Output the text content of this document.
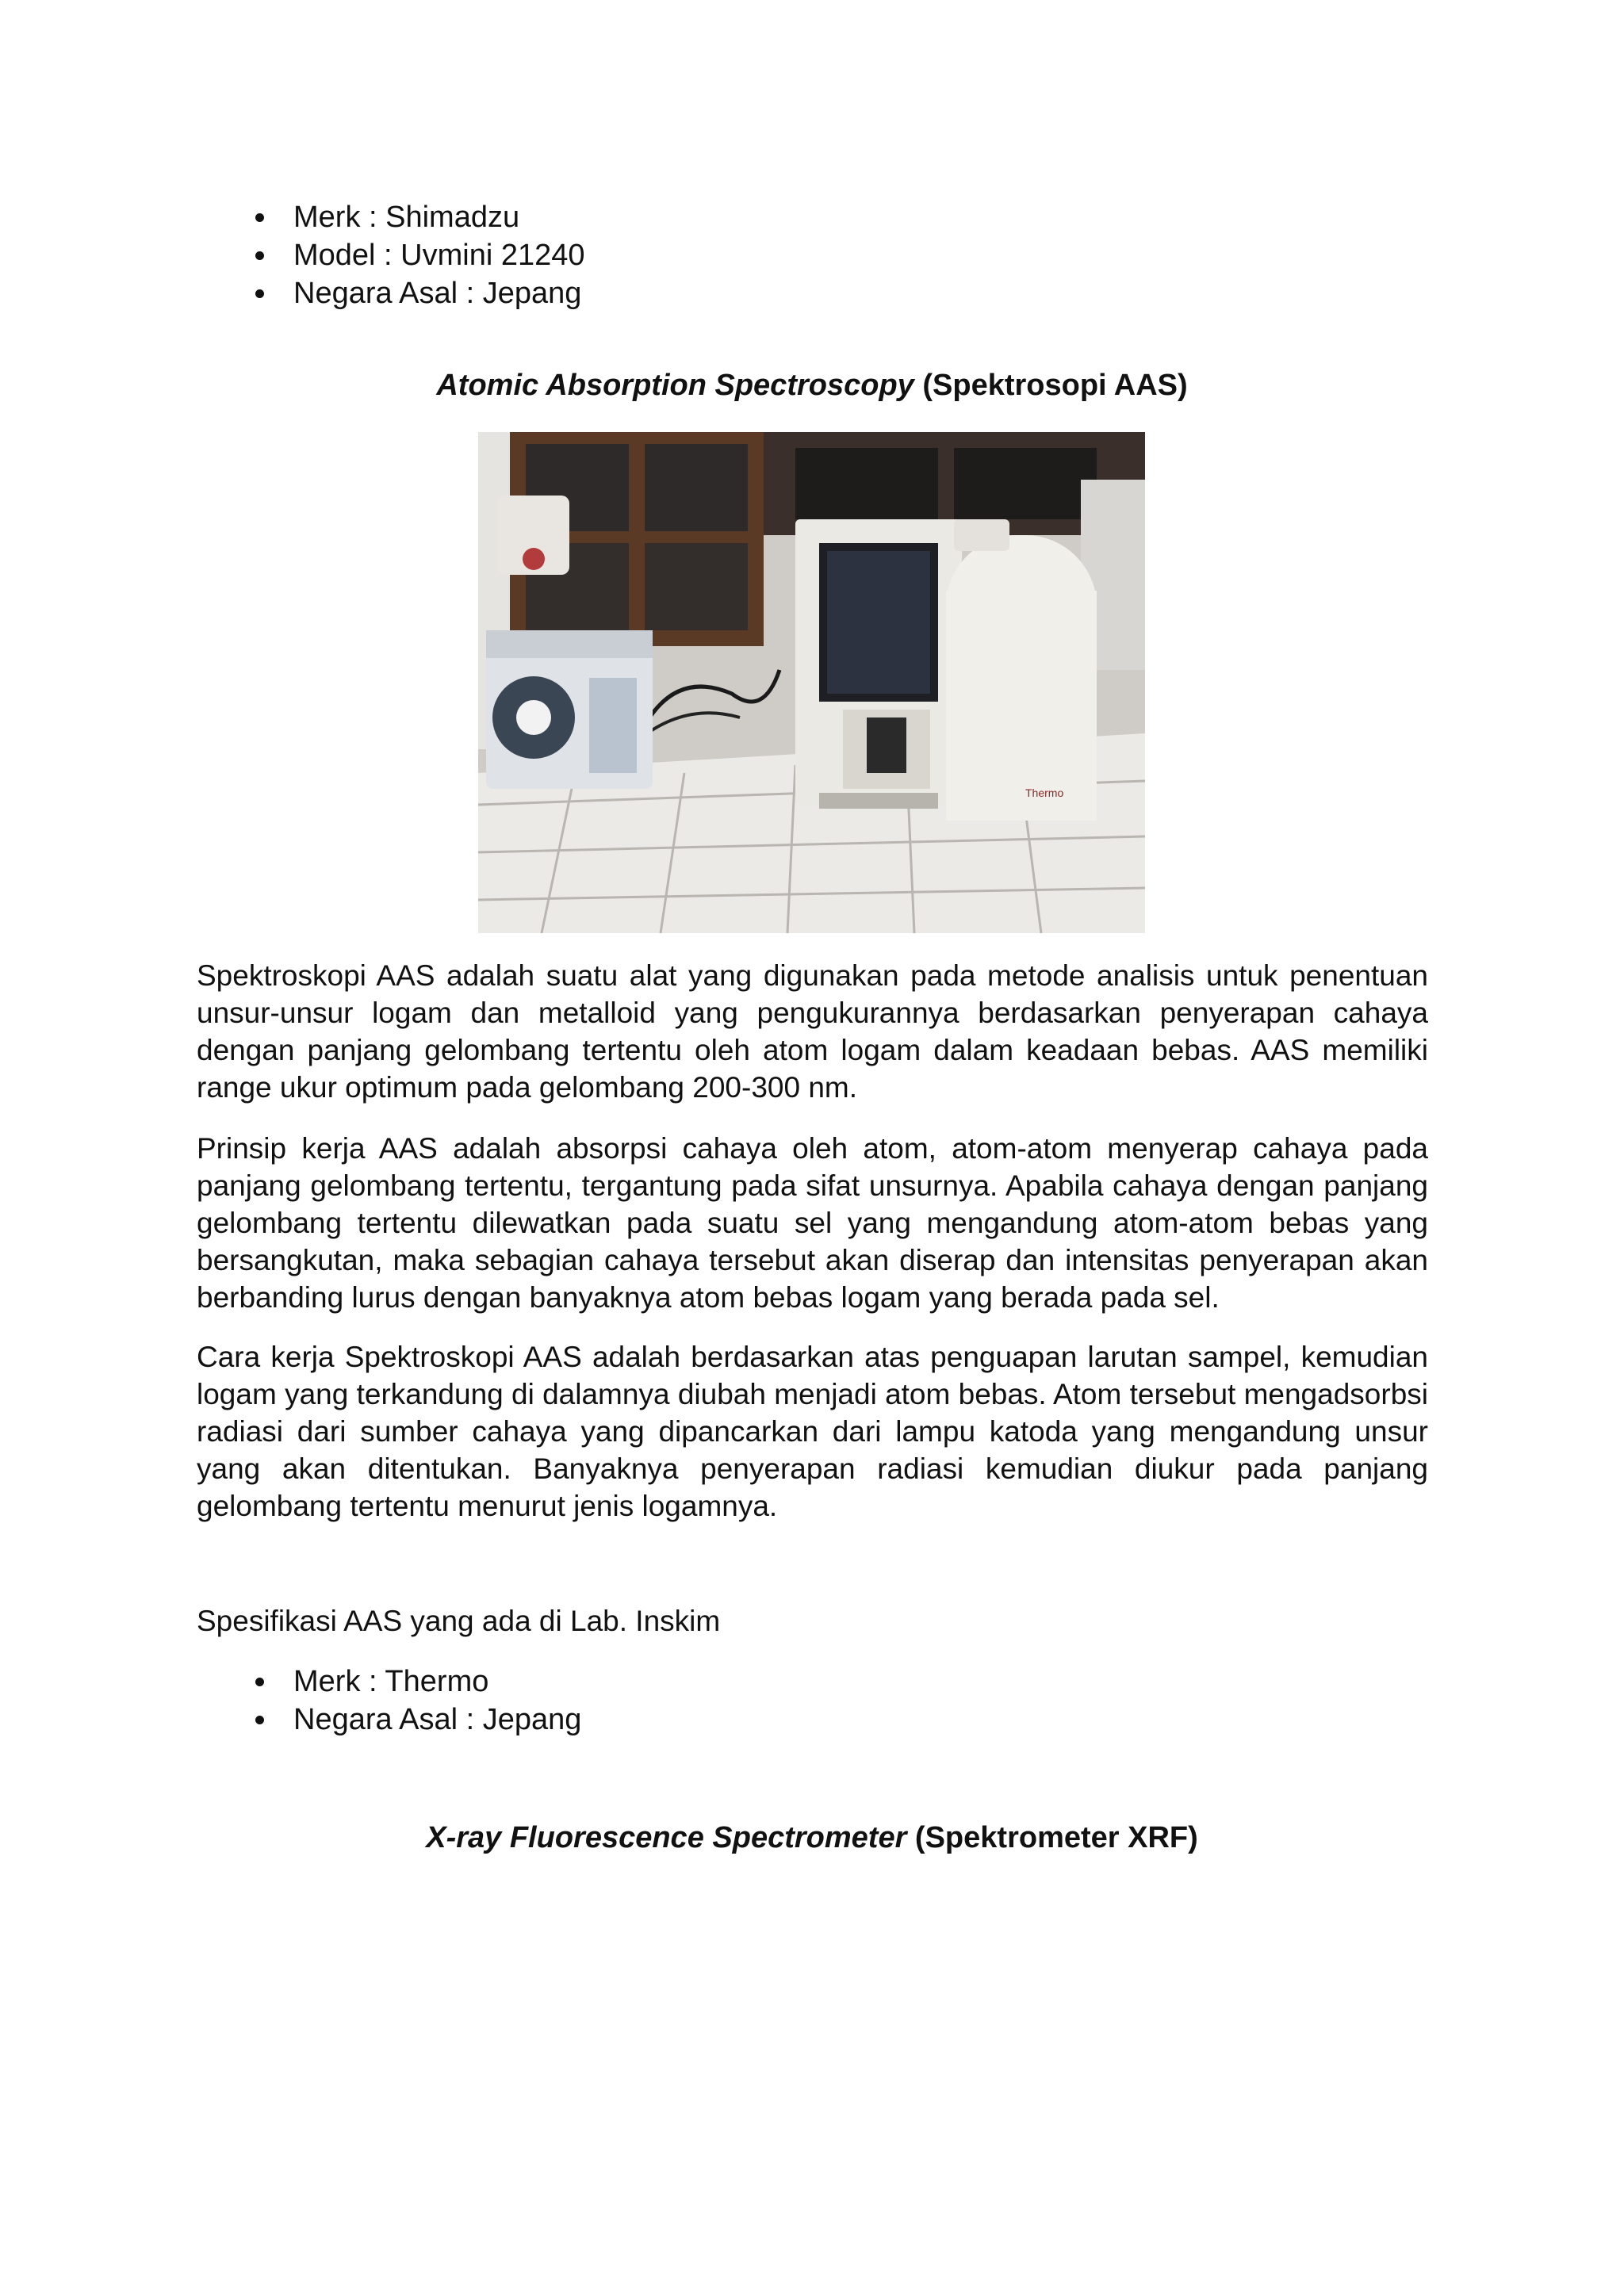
Merk : Shimadzu
Model : Uvmini 21240
Negara Asal : Jepang
Atomic Absorption Spectroscopy (Spektrosopi AAS)
Thermo

Spektroskopi AAS adalah suatu alat yang digunakan pada metode analisis untuk penentuan unsur-unsur logam dan metalloid yang pengukurannya berdasarkan penyerapan cahaya dengan panjang gelombang tertentu oleh atom logam dalam keadaan bebas. AAS memiliki range ukur optimum pada gelombang 200-300 nm.

Prinsip kerja AAS adalah absorpsi cahaya oleh atom, atom-atom menyerap cahaya pada panjang gelombang tertentu, tergantung pada sifat unsurnya. Apabila cahaya dengan panjang gelombang tertentu dilewatkan pada suatu sel yang mengandung atom-atom bebas yang bersangkutan, maka sebagian cahaya tersebut akan diserap dan intensitas penyerapan akan berbanding lurus dengan banyaknya atom bebas logam yang berada pada sel.

Cara kerja Spektroskopi AAS adalah berdasarkan atas penguapan larutan sampel, kemudian logam yang terkandung di dalamnya diubah menjadi atom bebas. Atom tersebut mengadsorbsi radiasi dari sumber cahaya yang dipancarkan dari lampu katoda yang mengandung unsur yang akan ditentukan. Banyaknya penyerapan radiasi kemudian diukur pada panjang gelombang tertentu menurut jenis logamnya.

Spesifikasi AAS yang ada di Lab. Inskim

Merk : Thermo
Negara Asal : Jepang
X-ray Fluorescence Spectrometer (Spektrometer XRF)
